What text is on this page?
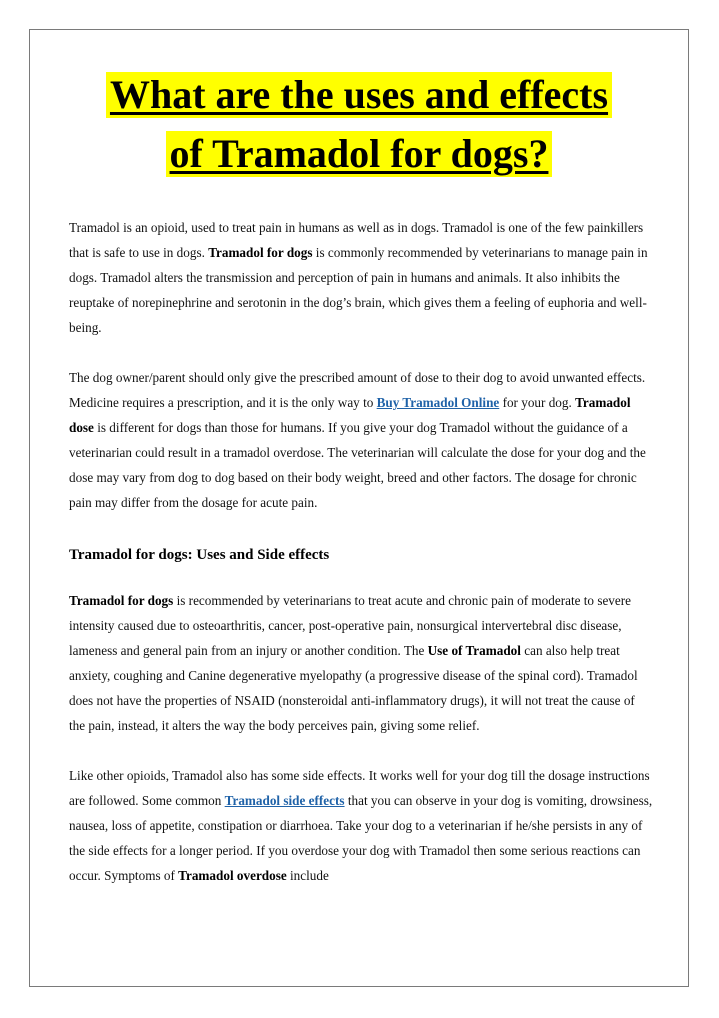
What are the uses and effects
of Tramadol for dogs?

Tramadol is an opioid, used to treat pain in humans as well as in dogs. Tramadol is one of the few painkillers that is safe to use in dogs. Tramadol for dogs is commonly recommended by veterinarians to manage pain in dogs. Tramadol alters the transmission and perception of pain in humans and animals. It also inhibits the reuptake of norepinephrine and serotonin in the dog’s brain, which gives them a feeling of euphoria and well-being.

The dog owner/parent should only give the prescribed amount of dose to their dog to avoid unwanted effects. Medicine requires a prescription, and it is the only way to Buy Tramadol Online for your dog. Tramadol dose is different for dogs than those for humans. If you give your dog Tramadol without the guidance of a veterinarian could result in a tramadol overdose. The veterinarian will calculate the dose for your dog and the dose may vary from dog to dog based on their body weight, breed and other factors. The dosage for chronic pain may differ from the dosage for acute pain.

Tramadol for dogs: Uses and Side effects

Tramadol for dogs is recommended by veterinarians to treat acute and chronic pain of moderate to severe intensity caused due to osteoarthritis, cancer, post-operative pain, nonsurgical intervertebral disc disease, lameness and general pain from an injury or another condition. The Use of Tramadol can also help treat anxiety, coughing and Canine degenerative myelopathy (a progressive disease of the spinal cord). Tramadol does not have the properties of NSAID (nonsteroidal anti-inflammatory drugs), it will not treat the cause of the pain, instead, it alters the way the body perceives pain, giving some relief.

Like other opioids, Tramadol also has some side effects. It works well for your dog till the dosage instructions are followed. Some common Tramadol side effects that you can observe in your dog is vomiting, drowsiness, nausea, loss of appetite, constipation or diarrhoea. Take your dog to a veterinarian if he/she persists in any of the side effects for a longer period. If you overdose your dog with Tramadol then some serious reactions can occur. Symptoms of Tramadol overdose include
